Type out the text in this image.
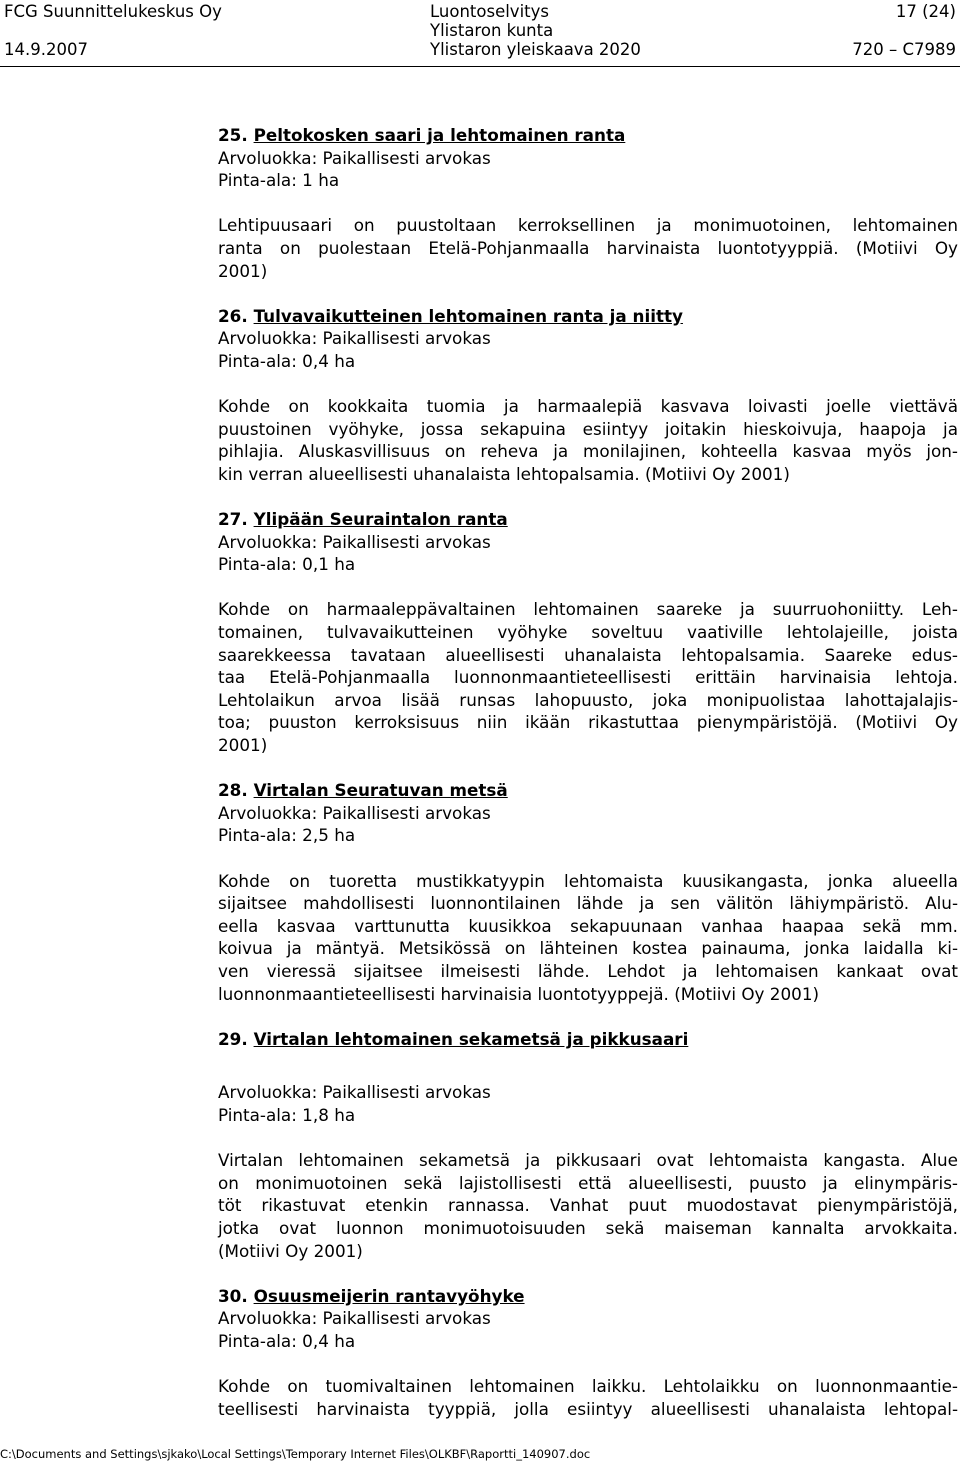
FCG Suunnittelukeskus Oy
14.9.2007
Luontoselvitys
Ylistaron kunta
Ylistaron yleiskaava 2020
17 (24)
720 – C7989
25. Peltokosken saari ja lehtomainen ranta
Arvoluokka: Paikallisesti arvokas
Pinta-ala: 1 ha
Lehtipuusaari on puustoltaan kerroksellinen ja monimuotoinen, lehtomainen
ranta on puolestaan Etelä-Pohjanmaalla harvinaista luontotyyppiä. (Motiivi Oy
2001)
26. Tulvavaikutteinen lehtomainen ranta ja niitty
Arvoluokka: Paikallisesti arvokas
Pinta-ala: 0,4 ha
Kohde on kookkaita tuomia ja harmaalepiä kasvava loivasti joelle viettävä
puustoinen vyöhyke, jossa sekapuina esiintyy joitakin hieskoivuja, haapoja ja
pihlajia. Aluskasvillisuus on reheva ja monilajinen, kohteella kasvaa myös jon-
kin verran alueellisesti uhanalaista lehtopalsamia. (Motiivi Oy 2001)
27. Ylipään Seuraintalon ranta
Arvoluokka: Paikallisesti arvokas
Pinta-ala: 0,1 ha
Kohde on harmaaleppävaltainen lehtomainen saareke ja suurruohoniitty. Leh-
tomainen, tulvavaikutteinen vyöhyke soveltuu vaativille lehtolajeille, joista
saarekkeessa tavataan alueellisesti uhanalaista lehtopalsamia. Saareke edus-
taa Etelä-Pohjanmaalla luonnonmaantieteellisesti erittäin harvinaisia lehtoja.
Lehtolaikun arvoa lisää runsas lahopuusto, joka monipuolistaa lahottajalajis-
toa; puuston kerroksisuus niin ikään rikastuttaa pienympäristöjä. (Motiivi Oy
2001)
28. Virtalan Seuratuvan metsä
Arvoluokka: Paikallisesti arvokas
Pinta-ala: 2,5 ha
Kohde on tuoretta mustikkatyypin lehtomaista kuusikangasta, jonka alueella
sijaitsee mahdollisesti luonnontilainen lähde ja sen välitön lähiympäristö. Alu-
eella kasvaa varttunutta kuusikkoa sekapuunaan vanhaa haapaa sekä mm.
koivua ja mäntyä. Metsikössä on lähteinen kostea painauma, jonka laidalla ki-
ven vieressä sijaitsee ilmeisesti lähde. Lehdot ja lehtomaisen kankaat ovat
luonnonmaantieteellisesti harvinaisia luontotyyppejä. (Motiivi Oy 2001)
29. Virtalan lehtomainen sekametsä ja pikkusaari
Arvoluokka: Paikallisesti arvokas
Pinta-ala: 1,8 ha
Virtalan lehtomainen sekametsä ja pikkusaari ovat lehtomaista kangasta. Alue
on monimuotoinen sekä lajistollisesti että alueellisesti, puusto ja elinympäris-
töt rikastuvat etenkin rannassa. Vanhat puut muodostavat pienympäristöjä,
jotka ovat luonnon monimuotoisuuden sekä maiseman kannalta arvokkaita.
(Motiivi Oy 2001)
30. Osuusmeijerin rantavyöhyke
Arvoluokka: Paikallisesti arvokas
Pinta-ala: 0,4 ha
Kohde on tuomivaltainen lehtomainen laikku. Lehtolaikku on luonnonmaantie-
teellisesti harvinaista tyyppiä, jolla esiintyy alueellisesti uhanalaista lehtopal-
C:\Documents and Settings\sjkako\Local Settings\Temporary Internet Files\OLKBF\Raportti_140907.doc
